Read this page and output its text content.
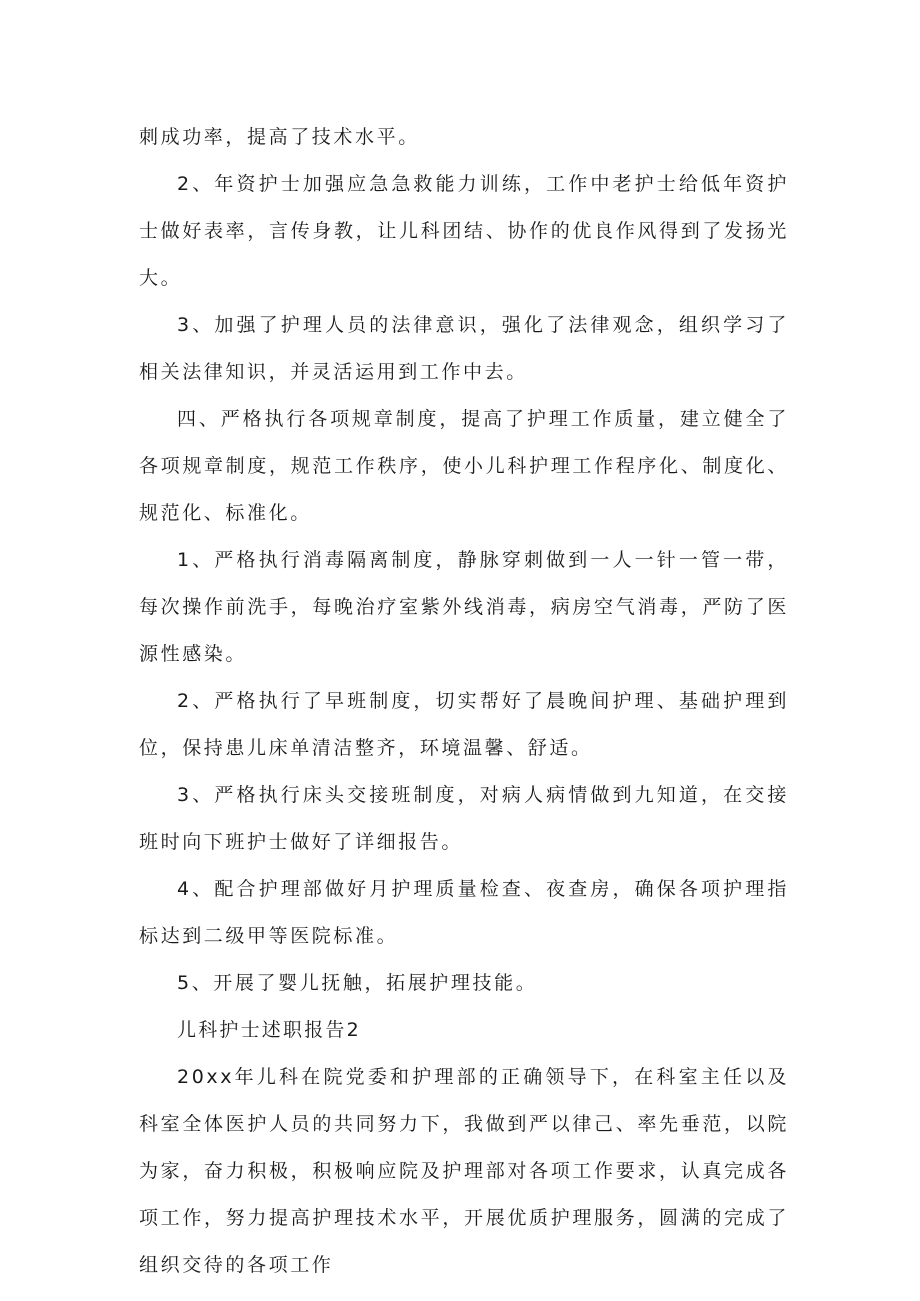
刺成功率，提高了技术水平。

2、年资护士加强应急急救能力训练，工作中老护士给低年资护士做好表率，言传身教，让儿科团结、协作的优良作风得到了发扬光大。

3、加强了护理人员的法律意识，强化了法律观念，组织学习了相关法律知识，并灵活运用到工作中去。

四、严格执行各项规章制度，提高了护理工作质量，建立健全了各项规章制度，规范工作秩序，使小儿科护理工作程序化、制度化、规范化、标准化。

1、严格执行消毒隔离制度，静脉穿刺做到一人一针一管一带，每次操作前洗手，每晚治疗室紫外线消毒，病房空气消毒，严防了医源性感染。

2、严格执行了早班制度，切实帮好了晨晚间护理、基础护理到位，保持患儿床单清洁整齐，环境温馨、舒适。

3、严格执行床头交接班制度，对病人病情做到九知道，在交接班时向下班护士做好了详细报告。

4、配合护理部做好月护理质量检查、夜查房，确保各项护理指标达到二级甲等医院标准。

5、开展了婴儿抚触，拓展护理技能。

儿科护士述职报告2

20xx年儿科在院党委和护理部的正确领导下，在科室主任以及科室全体医护人员的共同努力下，我做到严以律己、率先垂范，以院为家，奋力积极，积极响应院及护理部对各项工作要求，认真完成各项工作，努力提高护理技术水平，开展优质护理服务，圆满的完成了组织交待的各项工作
